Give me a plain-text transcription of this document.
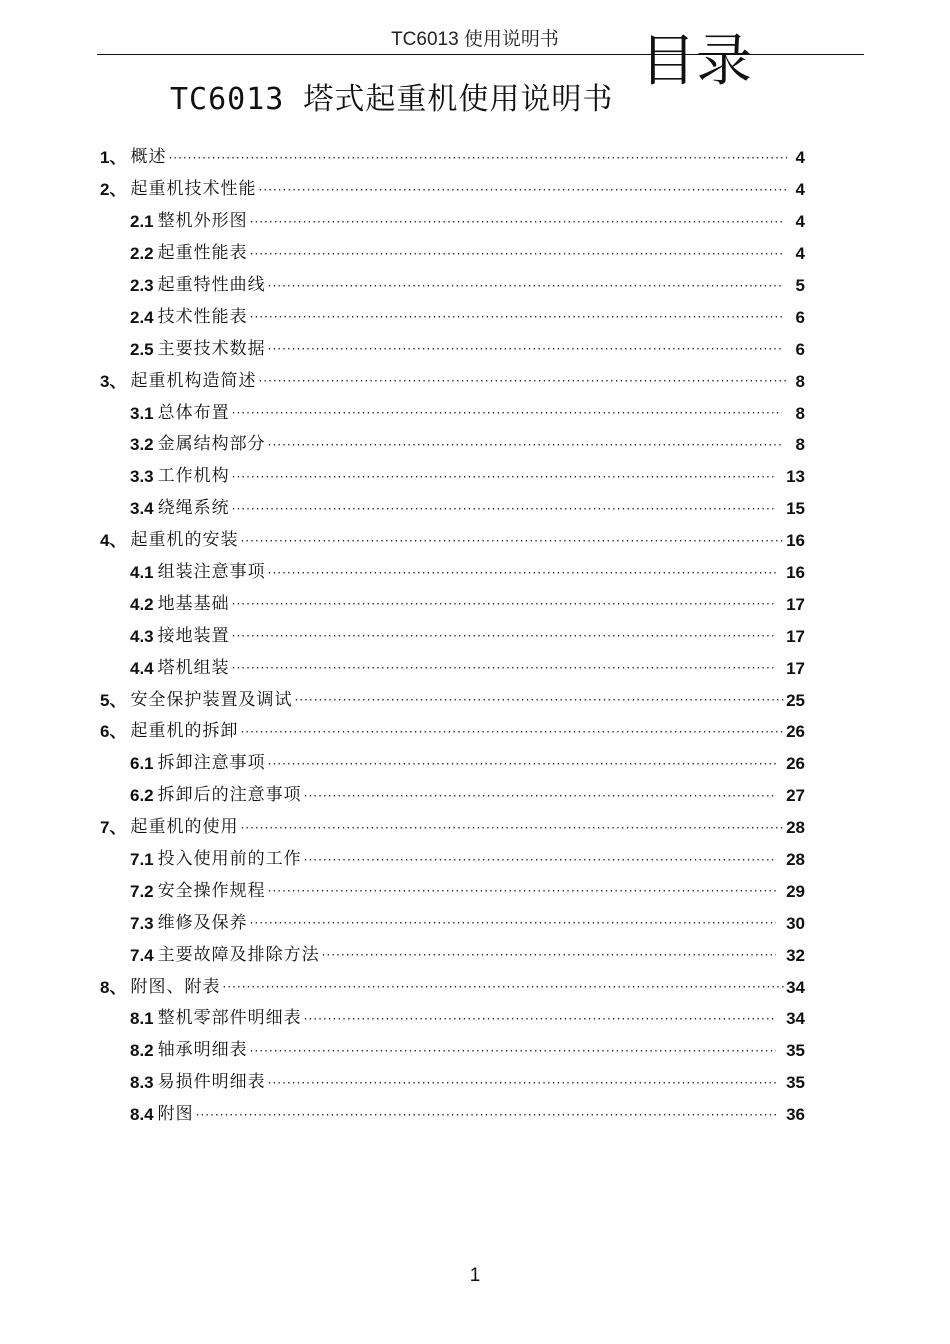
TC6013 使用说明书
TC6013 塔式起重机使用说明书
目录
1、 概述 ·····	4
2、 起重机技术性能 ·····	4
2.1 整机外形图 ·····	4
2.2 起重性能表 ·····	4
2.3 起重特性曲线 ·····	5
2.4 技术性能表 ·····	6
2.5 主要技术数据 ·····	6
3、 起重机构造简述 ·····	8
3.1 总体布置 ·····	8
3.2 金属结构部分 ·····	8
3.3 工作机构 ·····	13
3.4 绕绳系统 ·····	15
4、 起重机的安装 ·····	16
4.1 组装注意事项 ·····	16
4.2 地基基础 ·····	17
4.3 接地装置 ·····	17
4.4 塔机组装 ·····	17
5、 安全保护装置及调试 ·····	25
6、 起重机的拆卸 ·····	26
6.1 拆卸注意事项 ·····	26
6.2 拆卸后的注意事项 ·····	27
7、 起重机的使用 ·····	28
7.1 投入使用前的工作 ·····	28
7.2 安全操作规程 ·····	29
7.3 维修及保养 ·····	30
7.4 主要故障及排除方法 ·····	32
8、 附图、附表 ·····	34
8.1 整机零部件明细表 ·····	34
8.2 轴承明细表 ·····	35
8.3 易损件明细表 ·····	35
8.4 附图 ·····	36
1
